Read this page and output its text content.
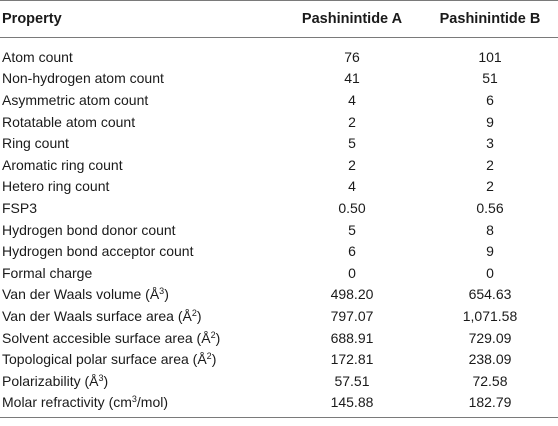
Property	Pashinintide A	Pashinintide B
Atom count	76	101
Non-hydrogen atom count	41	51
Asymmetric atom count	4	6
Rotatable atom count	2	9
Ring count	5	3
Aromatic ring count	2	2
Hetero ring count	4	2
FSP3	0.50	0.56
Hydrogen bond donor count	5	8
Hydrogen bond acceptor count	6	9
Formal charge	0	0
Van der Waals volume $(Å^3)$	498.20	654.63
Van der Waals surface area $(Å^2)$	797.07	1,071.58
Solvent accesible surface area $(Å^2)$	688.91	729.09
Topological polar surface area $(Å^2)$	172.81	238.09
Polarizability $(Å^3)$	57.51	72.58
Molar refractivity $(cm^3/mol)$	145.88	182.79
